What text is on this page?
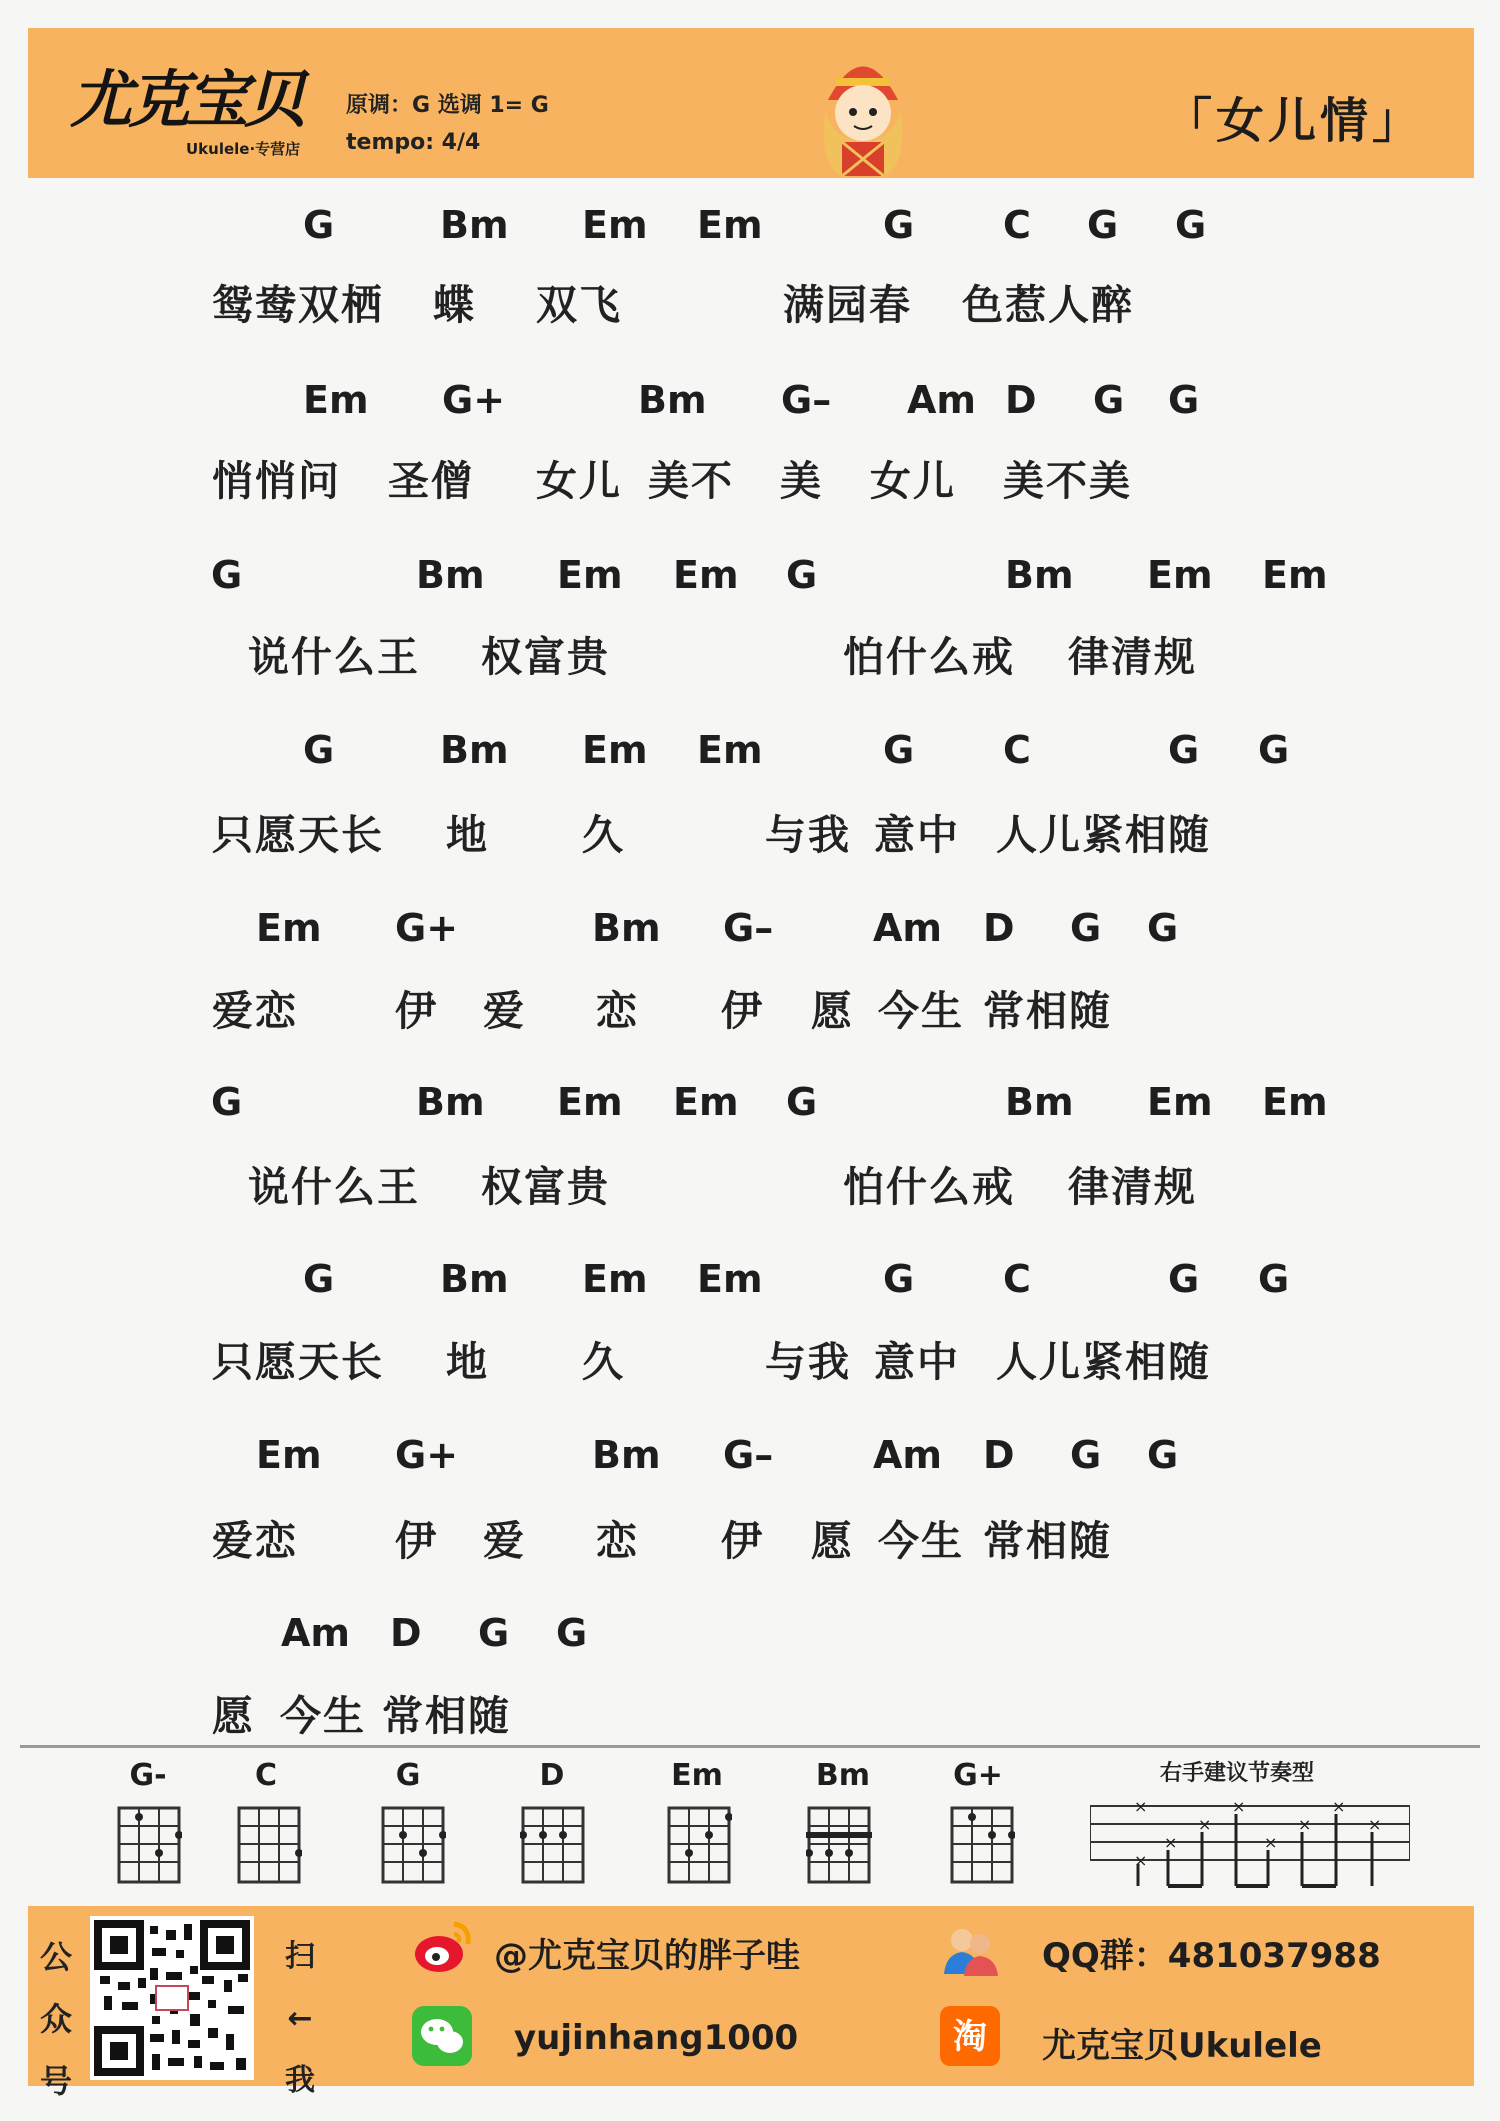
尤克宝贝
Ukulele·专营店
原调：G 选调 1= G
tempo: 4/4	「女儿情」
G	Bm Em Em	G C G G
鸳鸯双栖 蝶 双飞	满园春 色惹人醉
Em G+	Bm G– Am D G G
悄悄问 圣僧 女儿 美不 美 女儿 美不美
G	Bm Em Em G	Bm Em Em
说什么王 权富贵	怕什么戒 律清规
G	Bm Em Em	G C	G G
只愿天长 地 久	与我 意中 人儿紧相随
Em G+	Bm G–	Am D G G
爱恋 伊 爱 恋 伊 愿 今生 常相随
G	Bm Em Em G	Bm Em Em
说什么王 权富贵	怕什么戒 律清规
G	Bm Em Em	G C	G G
只愿天长 地 久	与我 意中 人儿紧相随
Em G+	Bm G–	Am D G G
爱恋 伊 爱 恋 伊 愿 今生 常相随
Am D G G
愿 今生 常相随
G-	C	G	D	Em	Bm	G+	右手建议节奏型
×	×	×
×	×	×
×	×
×
公
众
号
扫
←
我
@尤克宝贝的胖子哇
yujinhang1000
QQ群：481037988
淘 尤克宝贝Ukulele
